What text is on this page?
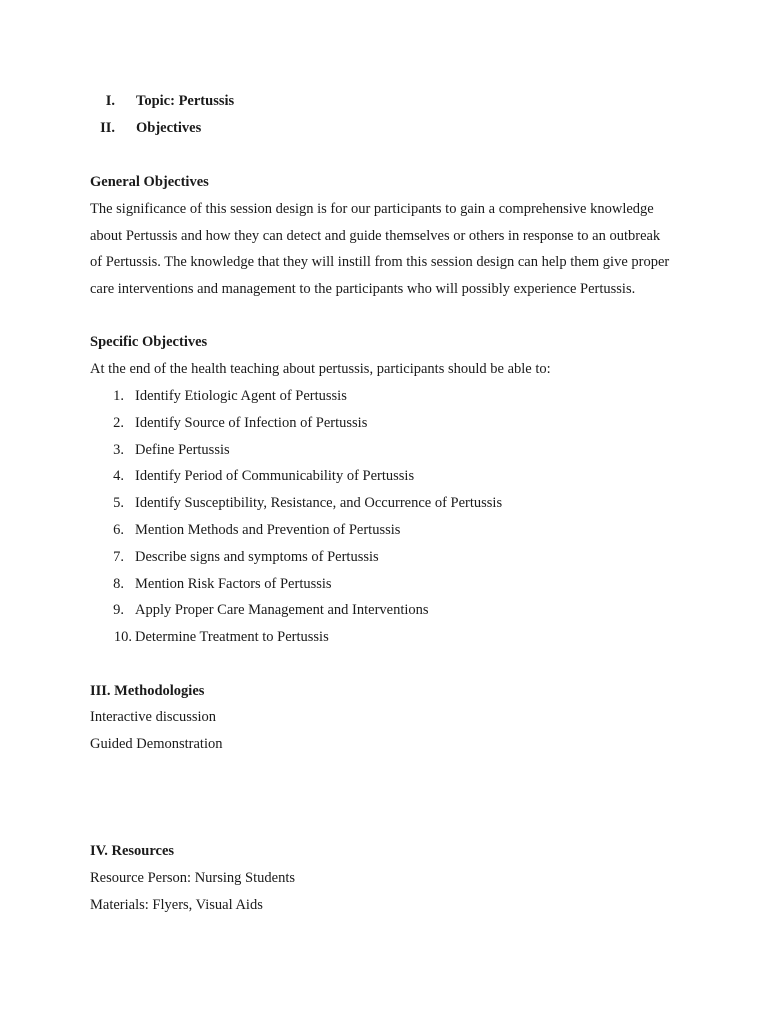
I. Topic: Pertussis
II. Objectives
General Objectives
The significance of this session design is for our participants to gain a comprehensive knowledge
about Pertussis and how they can detect and guide themselves or others in response to an outbreak
of Pertussis. The knowledge that they will instill from this session design can help them give proper
care interventions and management to the participants who will possibly experience Pertussis.
Specific Objectives
At the end of the health teaching about pertussis, participants should be able to:
1. Identify Etiologic Agent of Pertussis
2. Identify Source of Infection of Pertussis
3. Define Pertussis
4. Identify Period of Communicability of Pertussis
5. Identify Susceptibility, Resistance, and Occurrence of Pertussis
6. Mention Methods and Prevention of Pertussis
7. Describe signs and symptoms of Pertussis
8. Mention Risk Factors of Pertussis
9. Apply Proper Care Management and Interventions
10. Determine Treatment to Pertussis
III. Methodologies
Interactive discussion
Guided Demonstration
IV. Resources
Resource Person: Nursing Students
Materials: Flyers, Visual Aids
